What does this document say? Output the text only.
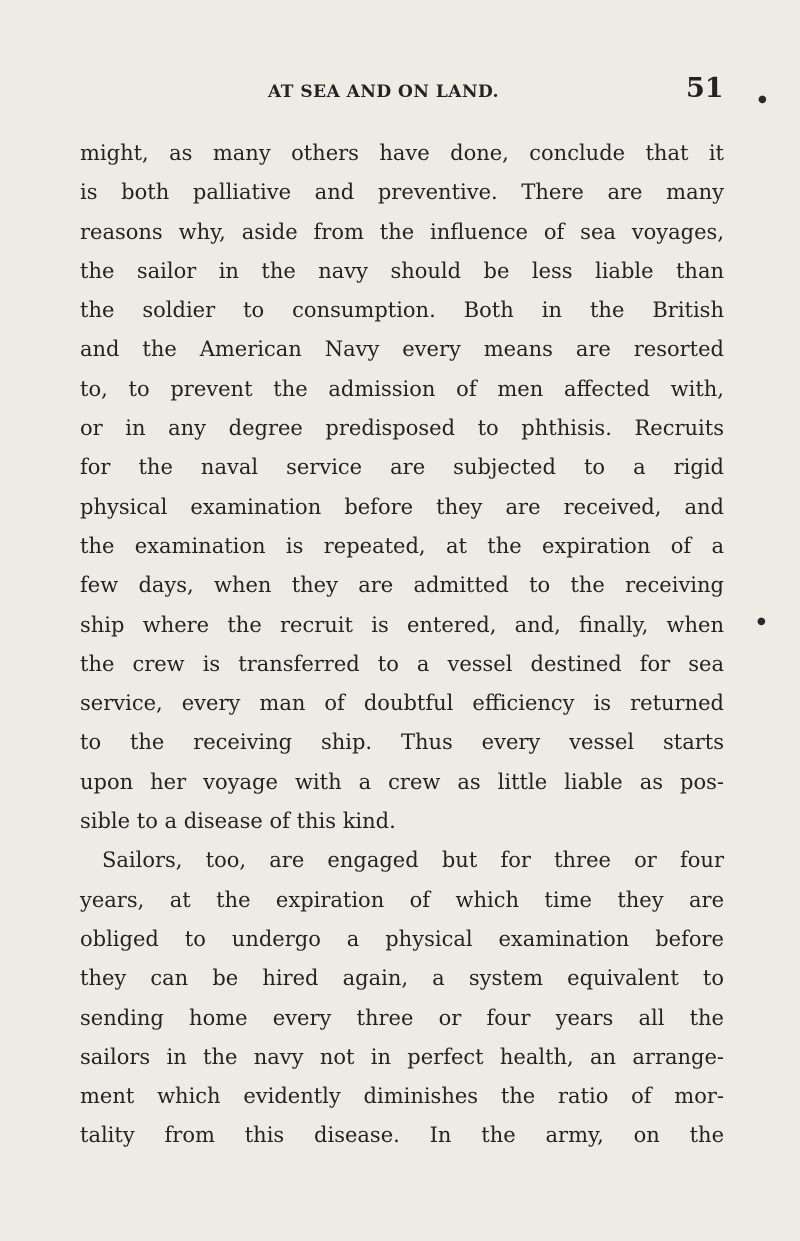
AT SEA AND ON LAND.	51	●
●
might, as many others have done, conclude that it
is both palliative and preventive. There are many
reasons why, aside from the influence of sea voyages,
the sailor in the navy should be less liable than
the soldier to consumption. Both in the British
and the American Navy every means are resorted
to, to prevent the admission of men affected with,
or in any degree predisposed to phthisis. Recruits
for the naval service are subjected to a rigid
physical examination before they are received, and
the examination is repeated, at the expiration of a
few days, when they are admitted to the receiving
ship where the recruit is entered, and, finally, when
the crew is transferred to a vessel destined for sea
service, every man of doubtful efficiency is returned
to the receiving ship. Thus every vessel starts
upon her voyage with a crew as little liable as pos-
sible to a disease of this kind.
Sailors, too, are engaged but for three or four
years, at the expiration of which time they are
obliged to undergo a physical examination before
they can be hired again, a system equivalent to
sending home every three or four years all the
sailors in the navy not in perfect health, an arrange-
ment which evidently diminishes the ratio of mor-
tality from this disease. In the army, on the
